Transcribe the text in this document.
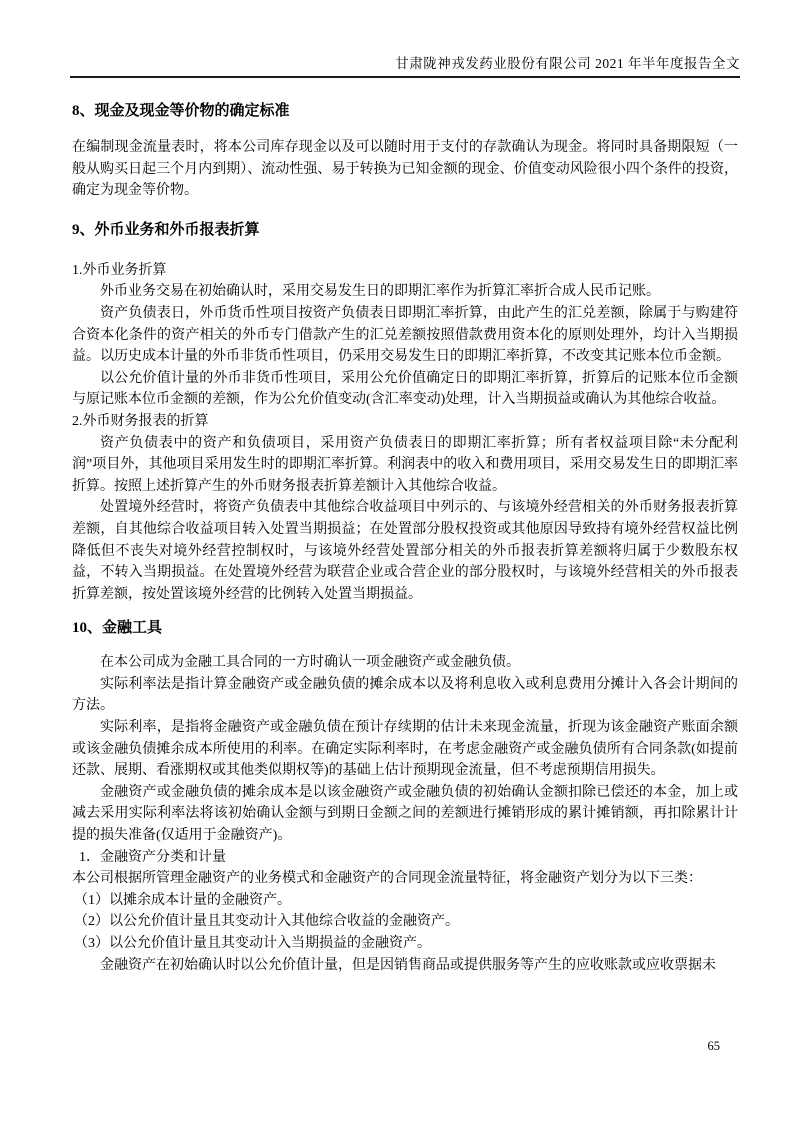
甘肃陇神戎发药业股份有限公司 2021 年半年度报告全文
8、现金及现金等价物的确定标准
在编制现金流量表时，将本公司库存现金以及可以随时用于支付的存款确认为现金。将同时具备期限短（一般从购买日起三个月内到期）、流动性强、易于转换为已知金额的现金、价值变动风险很小四个条件的投资，确定为现金等价物。
9、外币业务和外币报表折算
1.外币业务折算
外币业务交易在初始确认时，采用交易发生日的即期汇率作为折算汇率折合成人民币记账。
资产负债表日，外币货币性项目按资产负债表日即期汇率折算，由此产生的汇兑差额，除属于与购建符合资本化条件的资产相关的外币专门借款产生的汇兑差额按照借款费用资本化的原则处理外，均计入当期损益。以历史成本计量的外币非货币性项目，仍采用交易发生日的即期汇率折算，不改变其记账本位币金额。
以公允价值计量的外币非货币性项目，采用公允价值确定日的即期汇率折算，折算后的记账本位币金额与原记账本位币金额的差额，作为公允价值变动(含汇率变动)处理，计入当期损益或确认为其他综合收益。
2.外币财务报表的折算
资产负债表中的资产和负债项目，采用资产负债表日的即期汇率折算；所有者权益项目除“未分配利润”项目外，其他项目采用发生时的即期汇率折算。利润表中的收入和费用项目，采用交易发生日的即期汇率折算。按照上述折算产生的外币财务报表折算差额计入其他综合收益。
处置境外经营时，将资产负债表中其他综合收益项目中列示的、与该境外经营相关的外币财务报表折算差额，自其他综合收益项目转入处置当期损益；在处置部分股权投资或其他原因导致持有境外经营权益比例降低但不丧失对境外经营控制权时，与该境外经营处置部分相关的外币报表折算差额将归属于少数股东权益，不转入当期损益。在处置境外经营为联营企业或合营企业的部分股权时，与该境外经营相关的外币报表折算差额，按处置该境外经营的比例转入处置当期损益。
10、金融工具
在本公司成为金融工具合同的一方时确认一项金融资产或金融负债。
实际利率法是指计算金融资产或金融负债的摊余成本以及将利息收入或利息费用分摊计入各会计期间的方法。
实际利率，是指将金融资产或金融负债在预计存续期的估计未来现金流量，折现为该金融资产账面余额或该金融负债摊余成本所使用的利率。在确定实际利率时，在考虑金融资产或金融负债所有合同条款(如提前还款、展期、看涨期权或其他类似期权等)的基础上估计预期现金流量，但不考虑预期信用损失。
金融资产或金融负债的摊余成本是以该金融资产或金融负债的初始确认金额扣除已偿还的本金，加上或减去采用实际利率法将该初始确认金额与到期日金额之间的差额进行摊销形成的累计摊销额，再扣除累计计提的损失准备(仅适用于金融资产)。
1．金融资产分类和计量
本公司根据所管理金融资产的业务模式和金融资产的合同现金流量特征，将金融资产划分为以下三类：
（1）以摊余成本计量的金融资产。
（2）以公允价值计量且其变动计入其他综合收益的金融资产。
（3）以公允价值计量且其变动计入当期损益的金融资产。
金融资产在初始确认时以公允价值计量，但是因销售商品或提供服务等产生的应收账款或应收票据未
65
